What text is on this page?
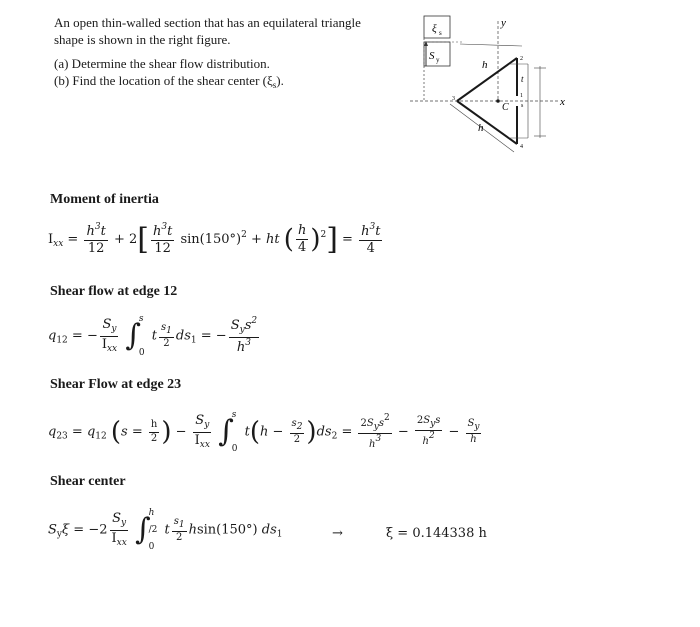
An open thin-walled section that has an equilateral triangle
shape is shown in the right figure.
(a) Determine the shear flow distribution.
(b) Find the location of the shear center $(\xi_s)$.
ξ s
S y
y
x
h
h
t
C
2
1
3
4
s
Moment of inertia
$I_{xx} = \frac{h^3t}{12} + 2[ \frac{h^3t}{12} \sin(150^\circ)^2$ + ht ( $\frac{h}{4} )^2] = \frac{h^3t}{4}$
Shear flow at edge 12
$q_{12}$ = − $\frac{S_y}{I_{xx}}$ ∫
s
0
t $\frac{s1}{2} ds_1$ = − $\frac{S_ys^2}{h^3}$
Shear Flow at edge 23
$q_{23} = q_{12}$ ($s = \frac{h}{2}$ ) − $\frac{S_y}{I_{xx}}$ ∫
s
0
$t(h - \frac{s2}{2} )ds_2 = \frac{\text{2Sys2}}{h3} - \frac{\text{2Sys}}{h2} - \frac{Sy}{h}$
Shear center
$S_y\xi = -2 \frac{S_y}{I_{xx}}$ ∫
h
/2
0
t $\frac{s1}{2} hsin(150^\circ)$ $ds_1$	→	ξ = 0.144338 h
